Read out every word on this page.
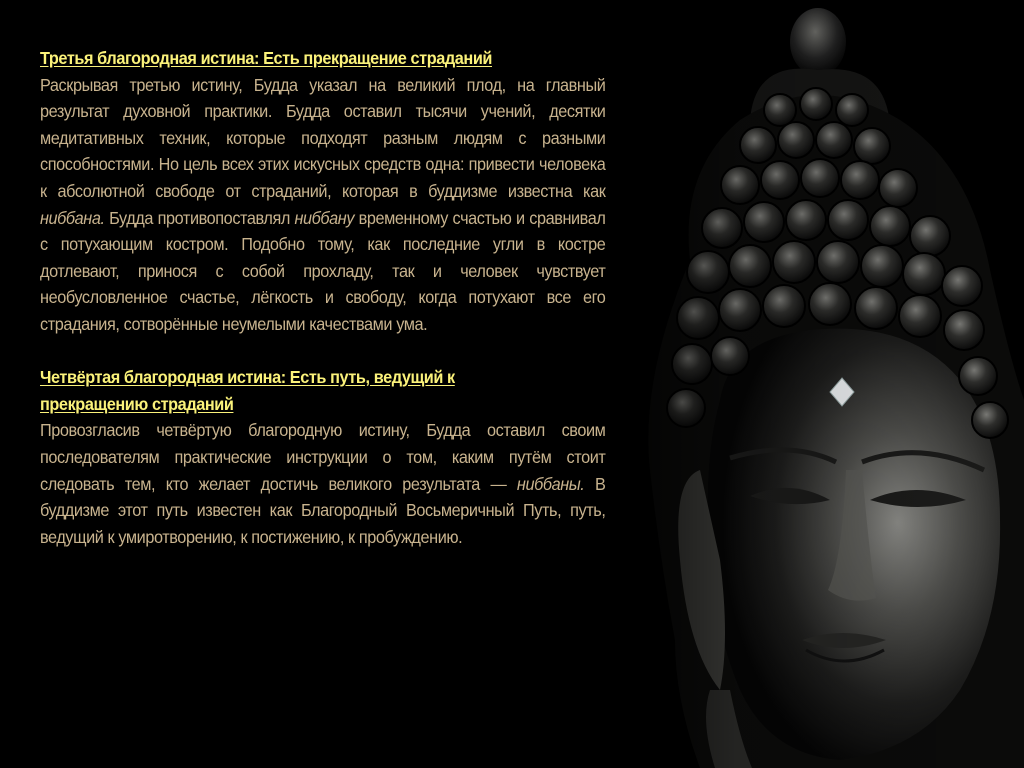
Третья благородная истина: Есть прекращение страданий

Раскрывая третью истину, Будда указал на великий плод, на главный результат духовной практики. Будда оставил тысячи учений, десятки медитативных техник, которые подходят разным людям с разными способностями. Но цель всех этих искусных средств одна: привести человека к абсолютной свободе от страданий, которая в буддизме известна как ниббана. Будда противопоставлял ниббану временному счастью и сравнивал с потухающим костром. Подобно тому, как последние угли в костре дотлевают, принося с собой прохладу, так и человек чувствует необусловленное счастье, лёгкость и свободу, когда потухают все его страдания, сотворённые неумелыми качествами ума.

Четвёртая благородная истина: Есть путь, ведущий к
прекращению страданий

Провозгласив четвёртую благородную истину, Будда оставил своим последователям практические инструкции о том, каким путём стоит следовать тем, кто желает достичь великого результата — ниббаны. В буддизме этот путь известен как Благородный Восьмеричный Путь, путь, ведущий к умиротворению, к постижению, к пробуждению.
